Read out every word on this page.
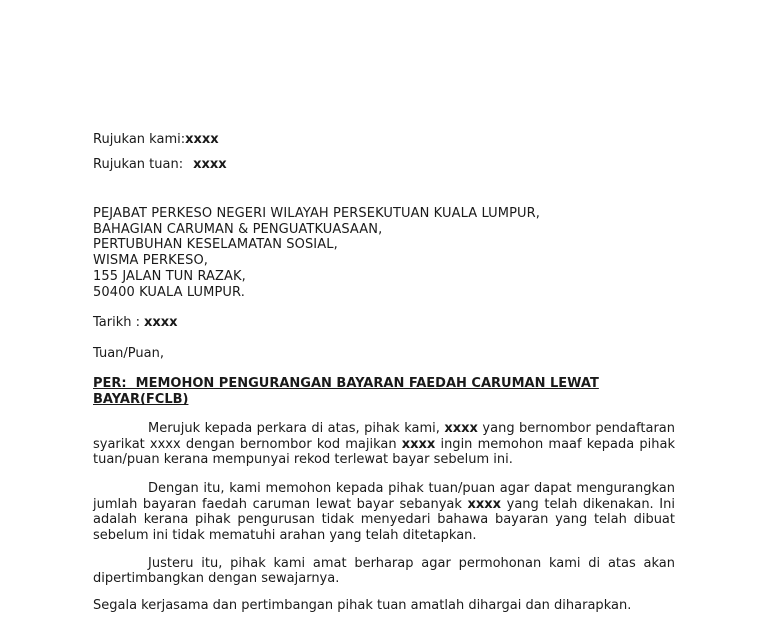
Rujukan kami:xxxx
Rujukan tuan: xxxx
PEJABAT PERKESO NEGERI WILAYAH PERSEKUTUAN KUALA LUMPUR,
BAHAGIAN CARUMAN & PENGUATKUASAAN,
PERTUBUHAN KESELAMATAN SOSIAL,
WISMA PERKESO,
155 JALAN TUN RAZAK,
50400 KUALA LUMPUR.
Tarikh : xxxx
Tuan/Puan,
PER:  MEMOHON PENGURANGAN BAYARAN FAEDAH CARUMAN LEWAT
BAYAR(FCLB)
Merujuk kepada perkara di atas, pihak kami, xxxx yang bernombor pendaftaran syarikat xxxx dengan bernombor kod majikan xxxx ingin memohon maaf kepada pihak tuan/puan kerana mempunyai rekod terlewat bayar sebelum ini.
Dengan itu, kami memohon kepada pihak tuan/puan agar dapat mengurangkan jumlah bayaran faedah caruman lewat bayar sebanyak xxxx yang telah dikenakan. Ini adalah kerana pihak pengurusan tidak menyedari bahawa bayaran yang telah dibuat sebelum ini tidak mematuhi arahan yang telah ditetapkan.
Justeru itu, pihak kami amat berharap agar permohonan kami di atas akan dipertimbangkan dengan sewajarnya.
Segala kerjasama dan pertimbangan pihak tuan amatlah dihargai dan diharapkan.
